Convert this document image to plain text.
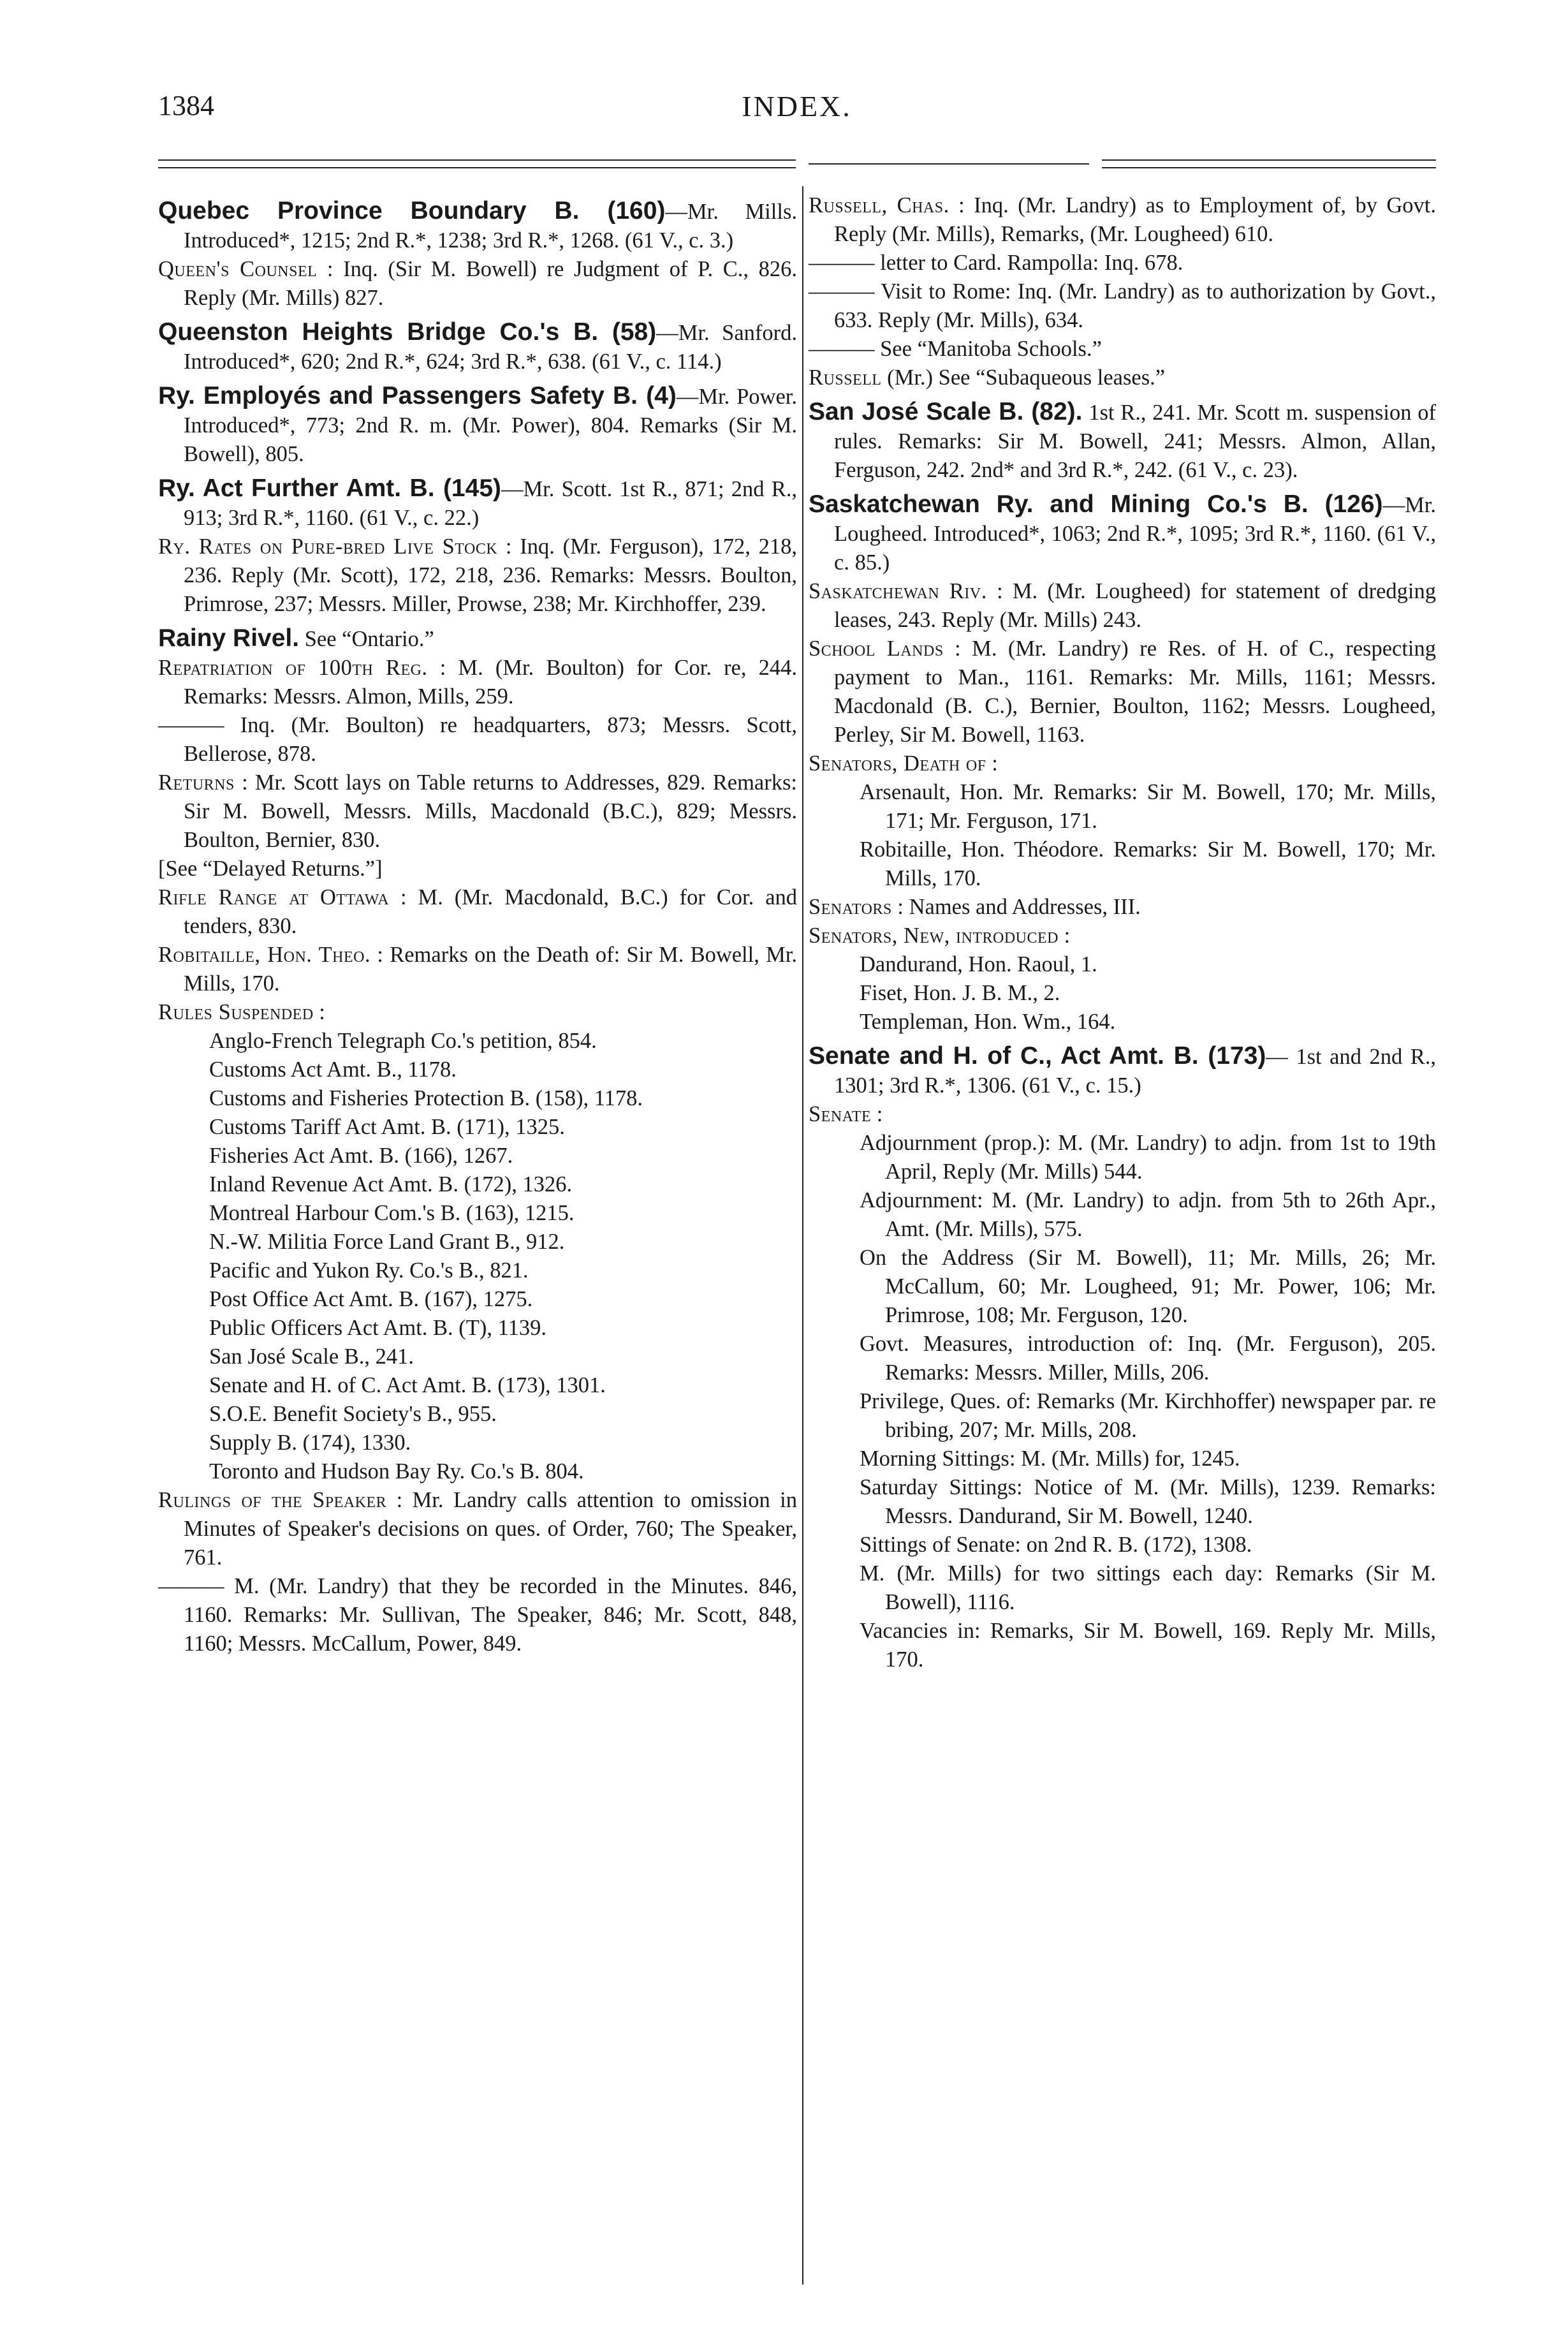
1384	INDEX.

Quebec Province Boundary B. (160)—Mr. Mills. Introduced*, 1215; 2nd R.*, 1238; 3rd R.*, 1268. (61 V., c. 3.)

Queen's Counsel : Inq. (Sir M. Bowell) re Judgment of P. C., 826. Reply (Mr. Mills) 827.

Queenston Heights Bridge Co.'s B. (58)—Mr. Sanford. Introduced*, 620; 2nd R.*, 624; 3rd R.*, 638. (61 V., c. 114.)

Ry. Employés and Passengers Safety B. (4)—Mr. Power. Introduced*, 773; 2nd R. m. (Mr. Power), 804. Remarks (Sir M. Bowell), 805.

Ry. Act Further Amt. B. (145)—Mr. Scott. 1st R., 871; 2nd R., 913; 3rd R.*, 1160. (61 V., c. 22.)

Ry. Rates on Pure-bred Live Stock : Inq. (Mr. Ferguson), 172, 218, 236. Reply (Mr. Scott), 172, 218, 236. Remarks: Messrs. Boulton, Primrose, 237; Messrs. Miller, Prowse, 238; Mr. Kirchhoffer, 239.

Rainy Rivel. See “Ontario.”

Repatriation of 100th Reg. : M. (Mr. Boulton) for Cor. re, 244. Remarks: Messrs. Almon, Mills, 259.

——— Inq. (Mr. Boulton) re headquarters, 873; Messrs. Scott, Bellerose, 878.

Returns : Mr. Scott lays on Table returns to Addresses, 829. Remarks: Sir M. Bowell, Messrs. Mills, Macdonald (B.C.), 829; Messrs. Boulton, Bernier, 830.

[See “Delayed Returns.”]

Rifle Range at Ottawa : M. (Mr. Macdonald, B.C.) for Cor. and tenders, 830.

Robitaille, Hon. Theo. : Remarks on the Death of: Sir M. Bowell, Mr. Mills, 170.

Rules Suspended :

Anglo-French Telegraph Co.'s petition, 854.

Customs Act Amt. B., 1178.

Customs and Fisheries Protection B. (158), 1178.

Customs Tariff Act Amt. B. (171), 1325.

Fisheries Act Amt. B. (166), 1267.

Inland Revenue Act Amt. B. (172), 1326.

Montreal Harbour Com.'s B. (163), 1215.

N.-W. Militia Force Land Grant B., 912.

Pacific and Yukon Ry. Co.'s B., 821.

Post Office Act Amt. B. (167), 1275.

Public Officers Act Amt. B. (T), 1139.

San José Scale B., 241.

Senate and H. of C. Act Amt. B. (173), 1301.

S.O.E. Benefit Society's B., 955.

Supply B. (174), 1330.

Toronto and Hudson Bay Ry. Co.'s B. 804.

Rulings of the Speaker : Mr. Landry calls attention to omission in Minutes of Speaker's decisions on ques. of Order, 760; The Speaker, 761.

——— M. (Mr. Landry) that they be recorded in the Minutes. 846, 1160. Remarks: Mr. Sullivan, The Speaker, 846; Mr. Scott, 848, 1160; Messrs. McCallum, Power, 849.

Russell, Chas. : Inq. (Mr. Landry) as to Employment of, by Govt. Reply (Mr. Mills), Remarks, (Mr. Lougheed) 610.

——— letter to Card. Rampolla: Inq. 678.

——— Visit to Rome: Inq. (Mr. Landry) as to authorization by Govt., 633. Reply (Mr. Mills), 634.

——— See “Manitoba Schools.”

Russell (Mr.) See “Subaqueous leases.”

San José Scale B. (82). 1st R., 241. Mr. Scott m. suspension of rules. Remarks: Sir M. Bowell, 241; Messrs. Almon, Allan, Ferguson, 242. 2nd* and 3rd R.*, 242. (61 V., c. 23).

Saskatchewan Ry. and Mining Co.'s B. (126)—Mr. Lougheed. Introduced*, 1063; 2nd R.*, 1095; 3rd R.*, 1160. (61 V., c. 85.)

Saskatchewan Riv. : M. (Mr. Lougheed) for statement of dredging leases, 243. Reply (Mr. Mills) 243.

School Lands : M. (Mr. Landry) re Res. of H. of C., respecting payment to Man., 1161. Remarks: Mr. Mills, 1161; Messrs. Macdonald (B. C.), Bernier, Boulton, 1162; Messrs. Lougheed, Perley, Sir M. Bowell, 1163.

Senators, Death of :

Arsenault, Hon. Mr. Remarks: Sir M. Bowell, 170; Mr. Mills, 171; Mr. Ferguson, 171.

Robitaille, Hon. Théodore. Remarks: Sir M. Bowell, 170; Mr. Mills, 170.

Senators : Names and Addresses, III.

Senators, New, introduced :

Dandurand, Hon. Raoul, 1.

Fiset, Hon. J. B. M., 2.

Templeman, Hon. Wm., 164.

Senate and H. of C., Act Amt. B. (173)— 1st and 2nd R., 1301; 3rd R.*, 1306. (61 V., c. 15.)

Senate :

Adjournment (prop.): M. (Mr. Landry) to adjn. from 1st to 19th April, Reply (Mr. Mills) 544.

Adjournment: M. (Mr. Landry) to adjn. from 5th to 26th Apr., Amt. (Mr. Mills), 575.

On the Address (Sir M. Bowell), 11; Mr. Mills, 26; Mr. McCallum, 60; Mr. Lougheed, 91; Mr. Power, 106; Mr. Primrose, 108; Mr. Ferguson, 120.

Govt. Measures, introduction of: Inq. (Mr. Ferguson), 205. Remarks: Messrs. Miller, Mills, 206.

Privilege, Ques. of: Remarks (Mr. Kirchhoffer) newspaper par. re bribing, 207; Mr. Mills, 208.

Morning Sittings: M. (Mr. Mills) for, 1245.

Saturday Sittings: Notice of M. (Mr. Mills), 1239. Remarks: Messrs. Dandurand, Sir M. Bowell, 1240.

Sittings of Senate: on 2nd R. B. (172), 1308.

M. (Mr. Mills) for two sittings each day: Remarks (Sir M. Bowell), 1116.

Vacancies in: Remarks, Sir M. Bowell, 169. Reply Mr. Mills, 170.
